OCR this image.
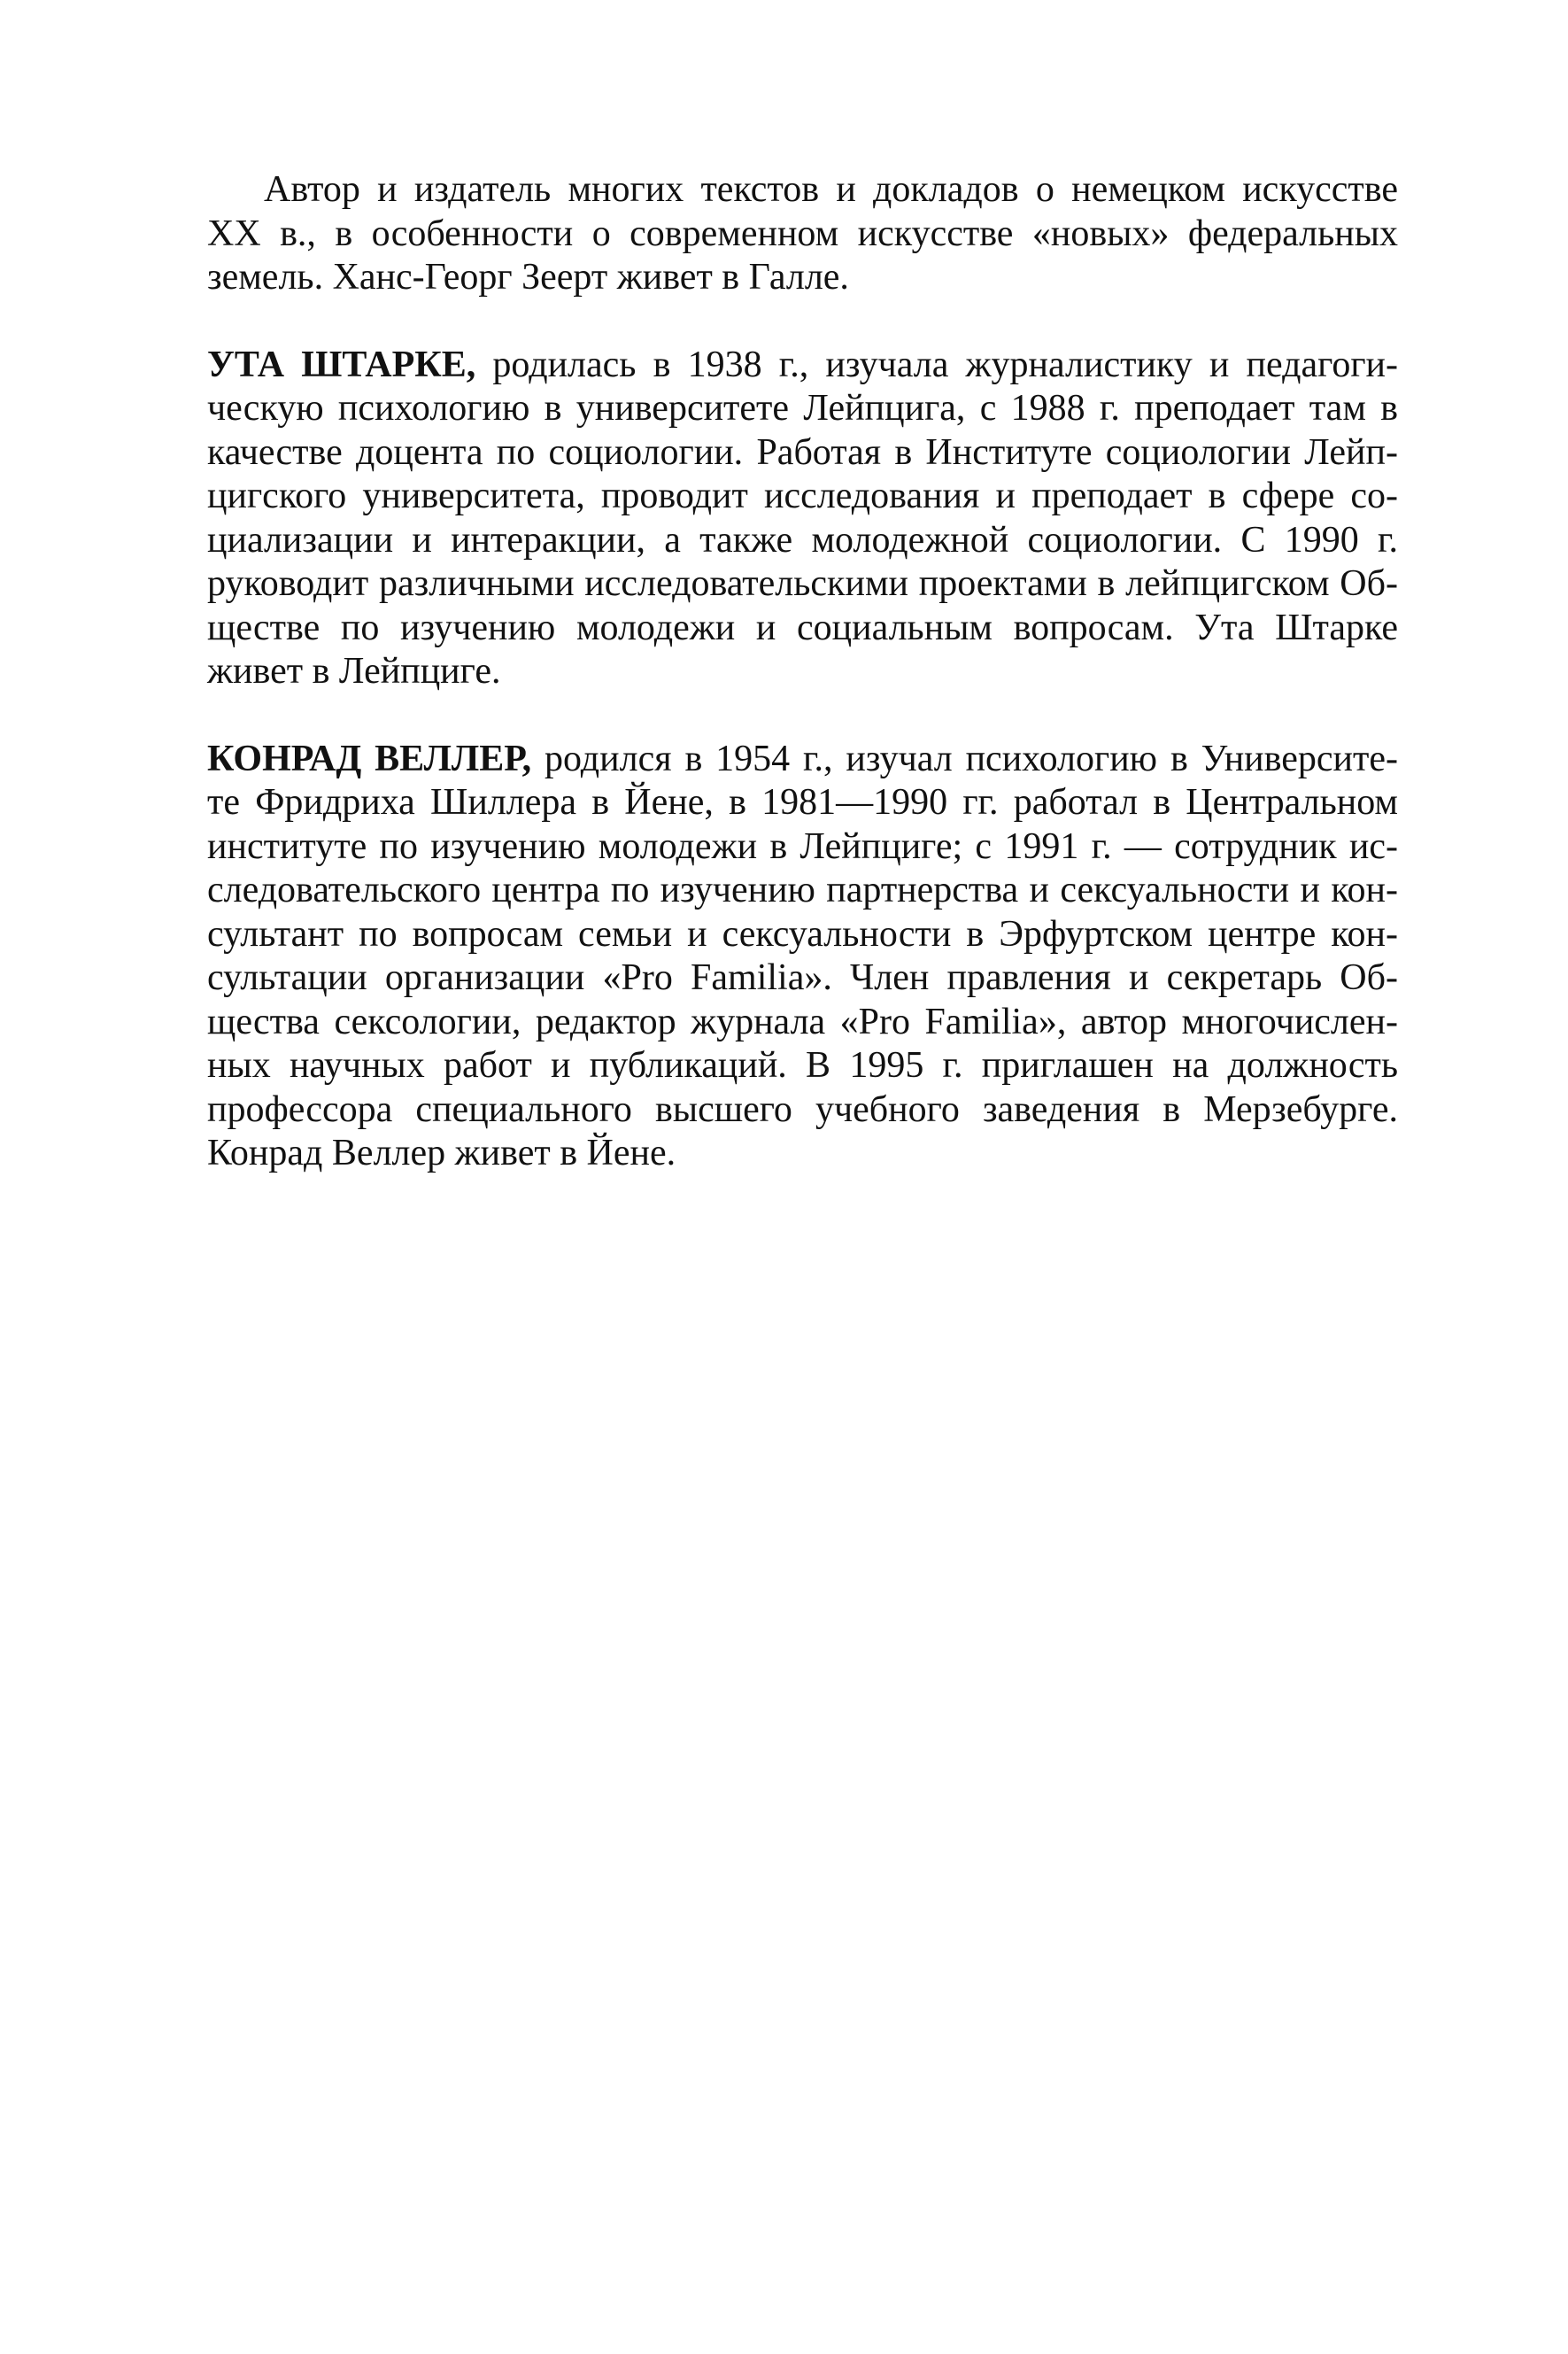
Автор и издатель многих текстов и докладов о немецком искусстве
XX в., в особенности о современном искусстве «новых» федеральных
земель. Ханс-Георг Зеерт живет в Галле.
УТА ШТАРКЕ, родилась в 1938 г., изучала журналистику и педагоги-
ческую психологию в университете Лейпцига, с 1988 г. преподает там в
качестве доцента по социологии. Работая в Институте социологии Лейп-
цигского университета, проводит исследования и преподает в сфере со-
циализации и интеракции, а также молодежной социологии. С 1990 г.
руководит различными исследовательскими проектами в лейпцигском Об-
ществе по изучению молодежи и социальным вопросам. Ута Штарке
живет в Лейпциге.
КОНРАД ВЕЛЛЕР, родился в 1954 г., изучал психологию в Университе-
те Фридриха Шиллера в Йене, в 1981—1990 гг. работал в Центральном
институте по изучению молодежи в Лейпциге; с 1991 г. — сотрудник ис-
следовательского центра по изучению партнерства и сексуальности и кон-
сультант по вопросам семьи и сексуальности в Эрфуртском центре кон-
сультации организации «Pro Familia». Член правления и секретарь Об-
щества сексологии, редактор журнала «Pro Familia», автор многочислен-
ных научных работ и публикаций. В 1995 г. приглашен на должность
профессора специального высшего учебного заведения в Мерзебурге.
Конрад Веллер живет в Йене.
